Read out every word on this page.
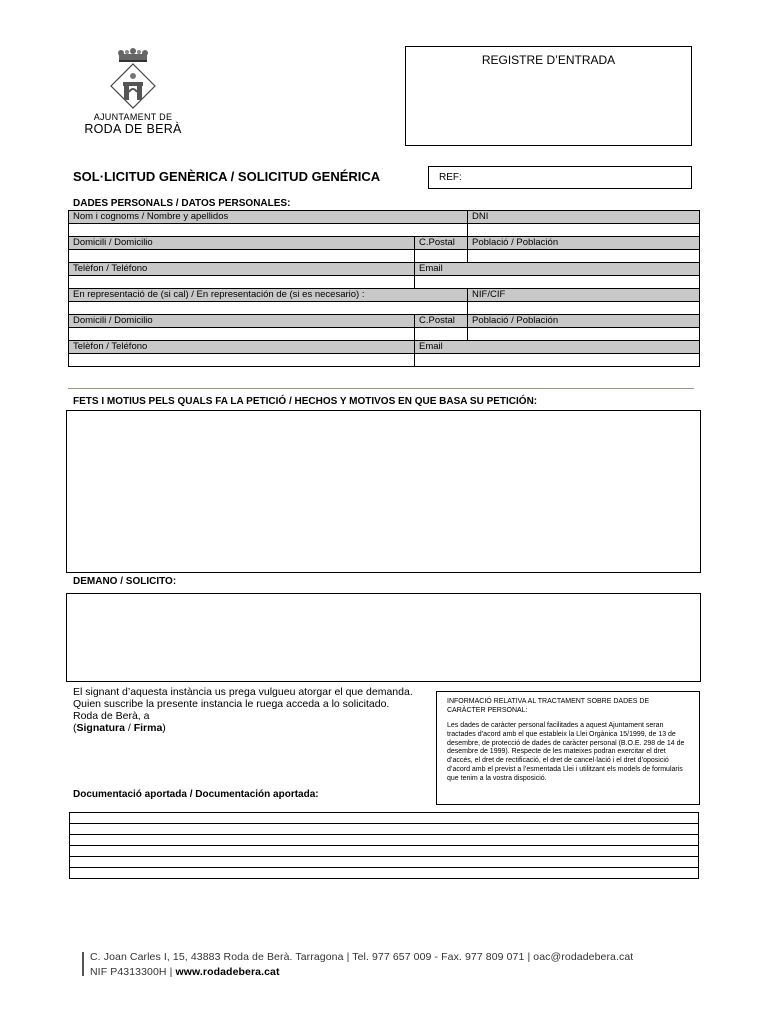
AJUNTAMENT DE
RODA DE BERÀ
REGISTRE D’ENTRADA
SOL·LICITUD GENÈRICA / SOLICITUD GENÉRICA	REF:
DADES PERSONALS / DATOS PERSONALES:
Nom i cognoms / Nombre y apellidos		DNI

Domicili / Domicilio	C.Postal	Població / Población

Telèfon / Teléfono	Email	

En representació de (si cal) / En representación de (si es necesario) :		NIF/CIF

Domicili / Domicilio	C.Postal	Població / Población

Telèfon / Teléfono	Email	

FETS I MOTIUS PELS QUALS FA LA PETICIÓ / HECHOS Y MOTIVOS EN QUE BASA SU PETICIÓN:
DEMANO / SOLICITO:
El signant d’aquesta instància us prega vulgueu atorgar el que demanda.
Quien suscribe la presente instancia le ruega acceda a lo solicitado.
Roda de Berà, a
(Signatura / Firma)
INFORMACIÓ RELATIVA AL TRACTAMENT SOBRE DADES DE CARÀCTER PERSONAL:
Les dades de caràcter personal facilitades a aquest Ajuntament seran tractades d’acord amb el que estableix la Llei Orgànica 15/1999, de 13 de desembre, de protecció de dades de caràcter personal (B.O.E. 298 de 14 de desembre de 1999). Respecte de les mateixes podran exercitar el dret d’accés, el dret de rectificació, el dret de cancel·lació i el dret d’oposició d’acord amb el previst a l’esmentada Llei i utilitzant els models de formularis que tenim a la vostra disposició.
Documentació aportada / Documentación aportada:

C. Joan Carles I, 15, 43883 Roda de Berà. Tarragona | Tel. 977 657 009 - Fax. 977 809 071 | oac@rodadebera.cat
NIF P4313300H | www.rodadebera.cat
